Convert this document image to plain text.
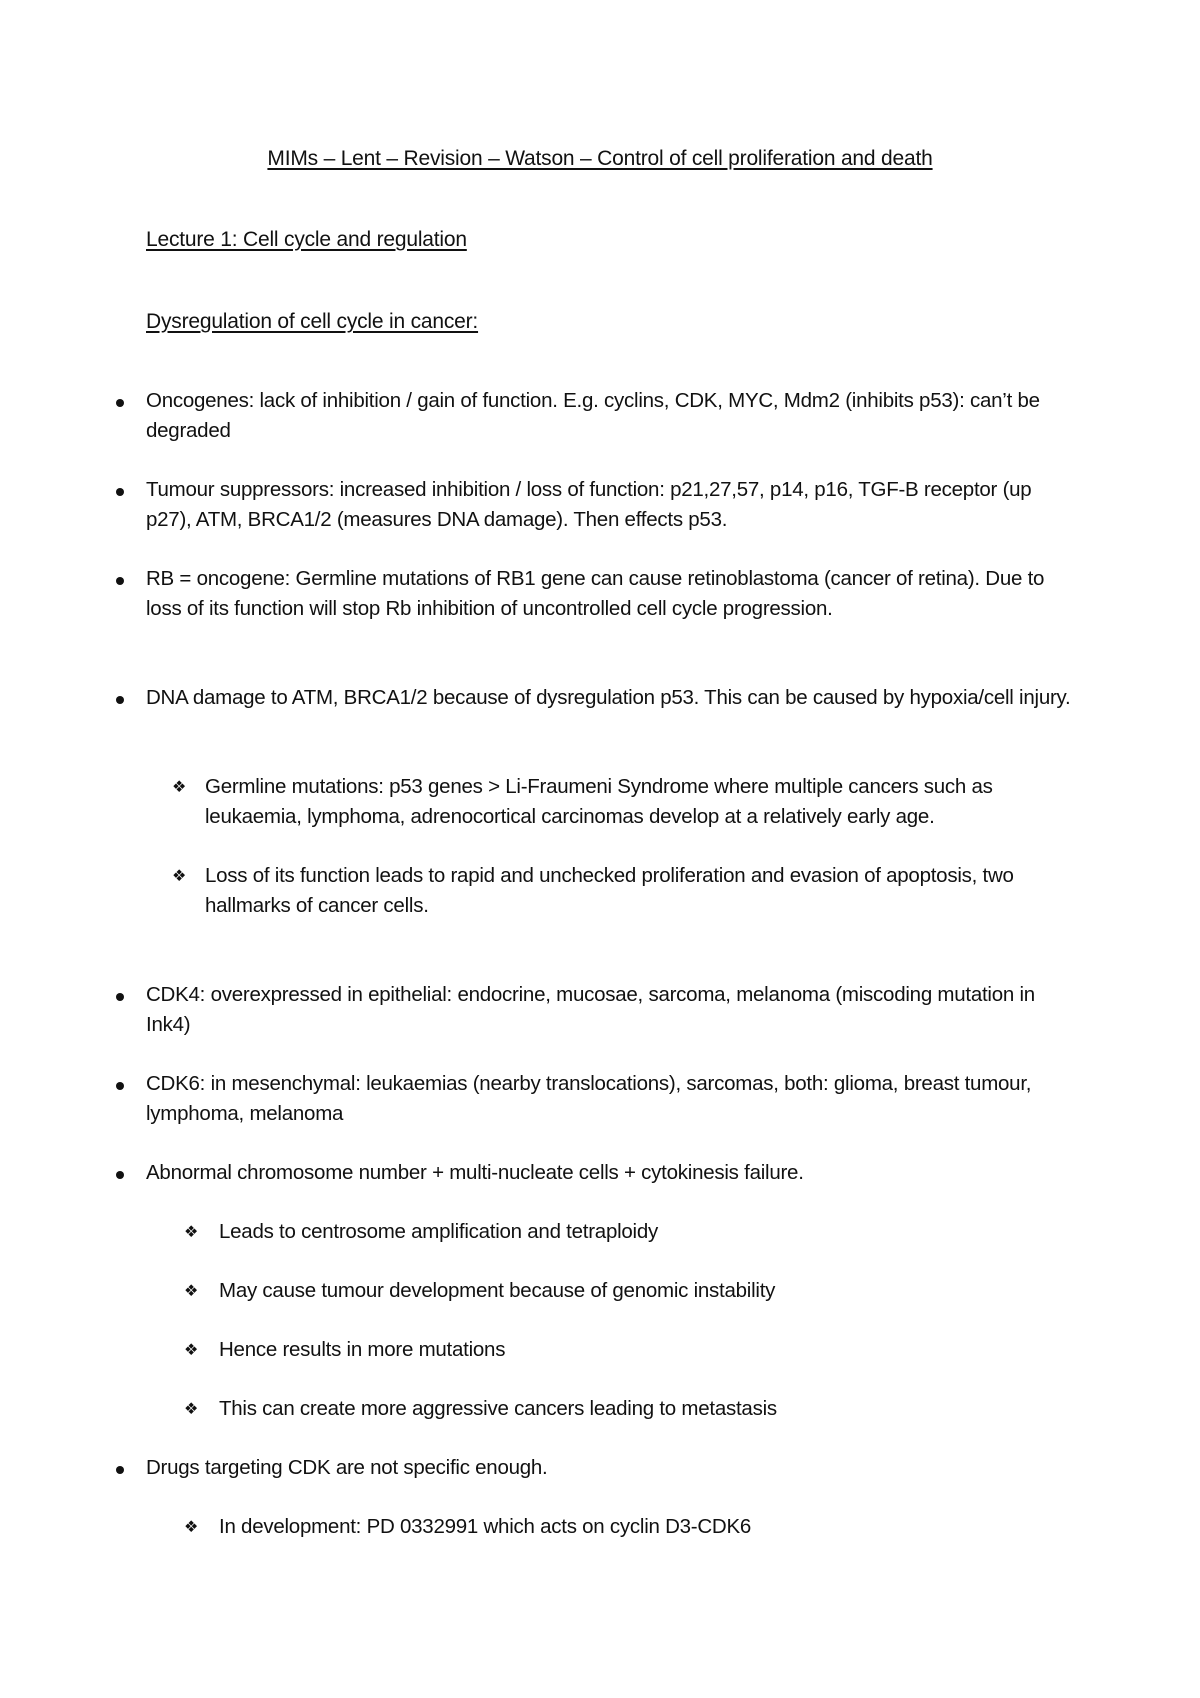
MIMs – Lent – Revision – Watson – Control of cell proliferation and death
Lecture 1: Cell cycle and regulation
Dysregulation of cell cycle in cancer:
Oncogenes: lack of inhibition / gain of function. E.g. cyclins, CDK, MYC, Mdm2 (inhibits p53): can’t be degraded
Tumour suppressors: increased inhibition / loss of function: p21,27,57, p14, p16, TGF-B receptor (up p27), ATM, BRCA1/2 (measures DNA damage). Then effects p53.
RB = oncogene: Germline mutations of RB1 gene can cause retinoblastoma (cancer of retina). Due to loss of its function will stop Rb inhibition of uncontrolled cell cycle progression.
DNA damage to ATM, BRCA1/2 because of dysregulation p53. This can be caused by hypoxia/cell injury.
❖ Germline mutations: p53 genes > Li-Fraumeni Syndrome where multiple cancers such as leukaemia, lymphoma, adrenocortical carcinomas develop at a relatively early age.
❖ Loss of its function leads to rapid and unchecked proliferation and evasion of apoptosis, two hallmarks of cancer cells.
CDK4: overexpressed in epithelial: endocrine, mucosae, sarcoma, melanoma (miscoding mutation in Ink4)
CDK6: in mesenchymal: leukaemias (nearby translocations), sarcomas, both: glioma, breast tumour, lymphoma, melanoma
Abnormal chromosome number + multi-nucleate cells + cytokinesis failure.
❖ Leads to centrosome amplification and tetraploidy
❖ May cause tumour development because of genomic instability
❖ Hence results in more mutations
❖ This can create more aggressive cancers leading to metastasis
Drugs targeting CDK are not specific enough.
❖ In development: PD 0332991 which acts on cyclin D3-CDK6
